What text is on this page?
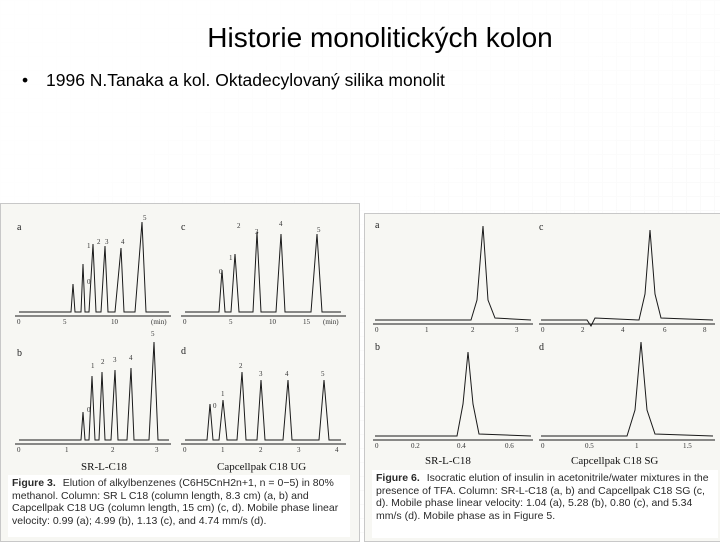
Historie monolitických kolon
• 1996 N.Tanaka a kol. Oktadecylovaný silika monolit
a
b
c
d
0	5	10	(min)
0
1 2 3 4
5
0	5	10	15 (min)
0
1
2
3
4
5
0	1	2	3
0
1 2 3 4
5
0	1	2	3	4
0
1
2
3	4	5
SR-L-C18	Capcellpak C18 UG
Figure 3. Elution of alkylbenzenes (C6H5CnH2n+1, n = 0−5) in 80% methanol. Column: SR L C18 (column length, 8.3 cm) (a, b) and Capcellpak C18 UG (column length, 15 cm) (c, d). Mobile phase linear velocity: 0.99 (a); 4.99 (b), 1.13 (c), and 4.74 mm/s (d).
a	c
b	d
0	1	2	3	0	2	4	6	8
0	0.2	0.4	0.6	0	0.5	1	1.5
SR-L-C18	Capcellpak C18 SG
Figure 6. Isocratic elution of insulin in acetonitrile/water mixtures in the presence of TFA. Column: SR-L-C18 (a, b) and Capcellpak C18 SG (c, d). Mobile phase linear velocity: 1.04 (a), 5.28 (b), 0.80 (c), and 5.34 mm/s (d). Mobile phase as in Figure 5.
